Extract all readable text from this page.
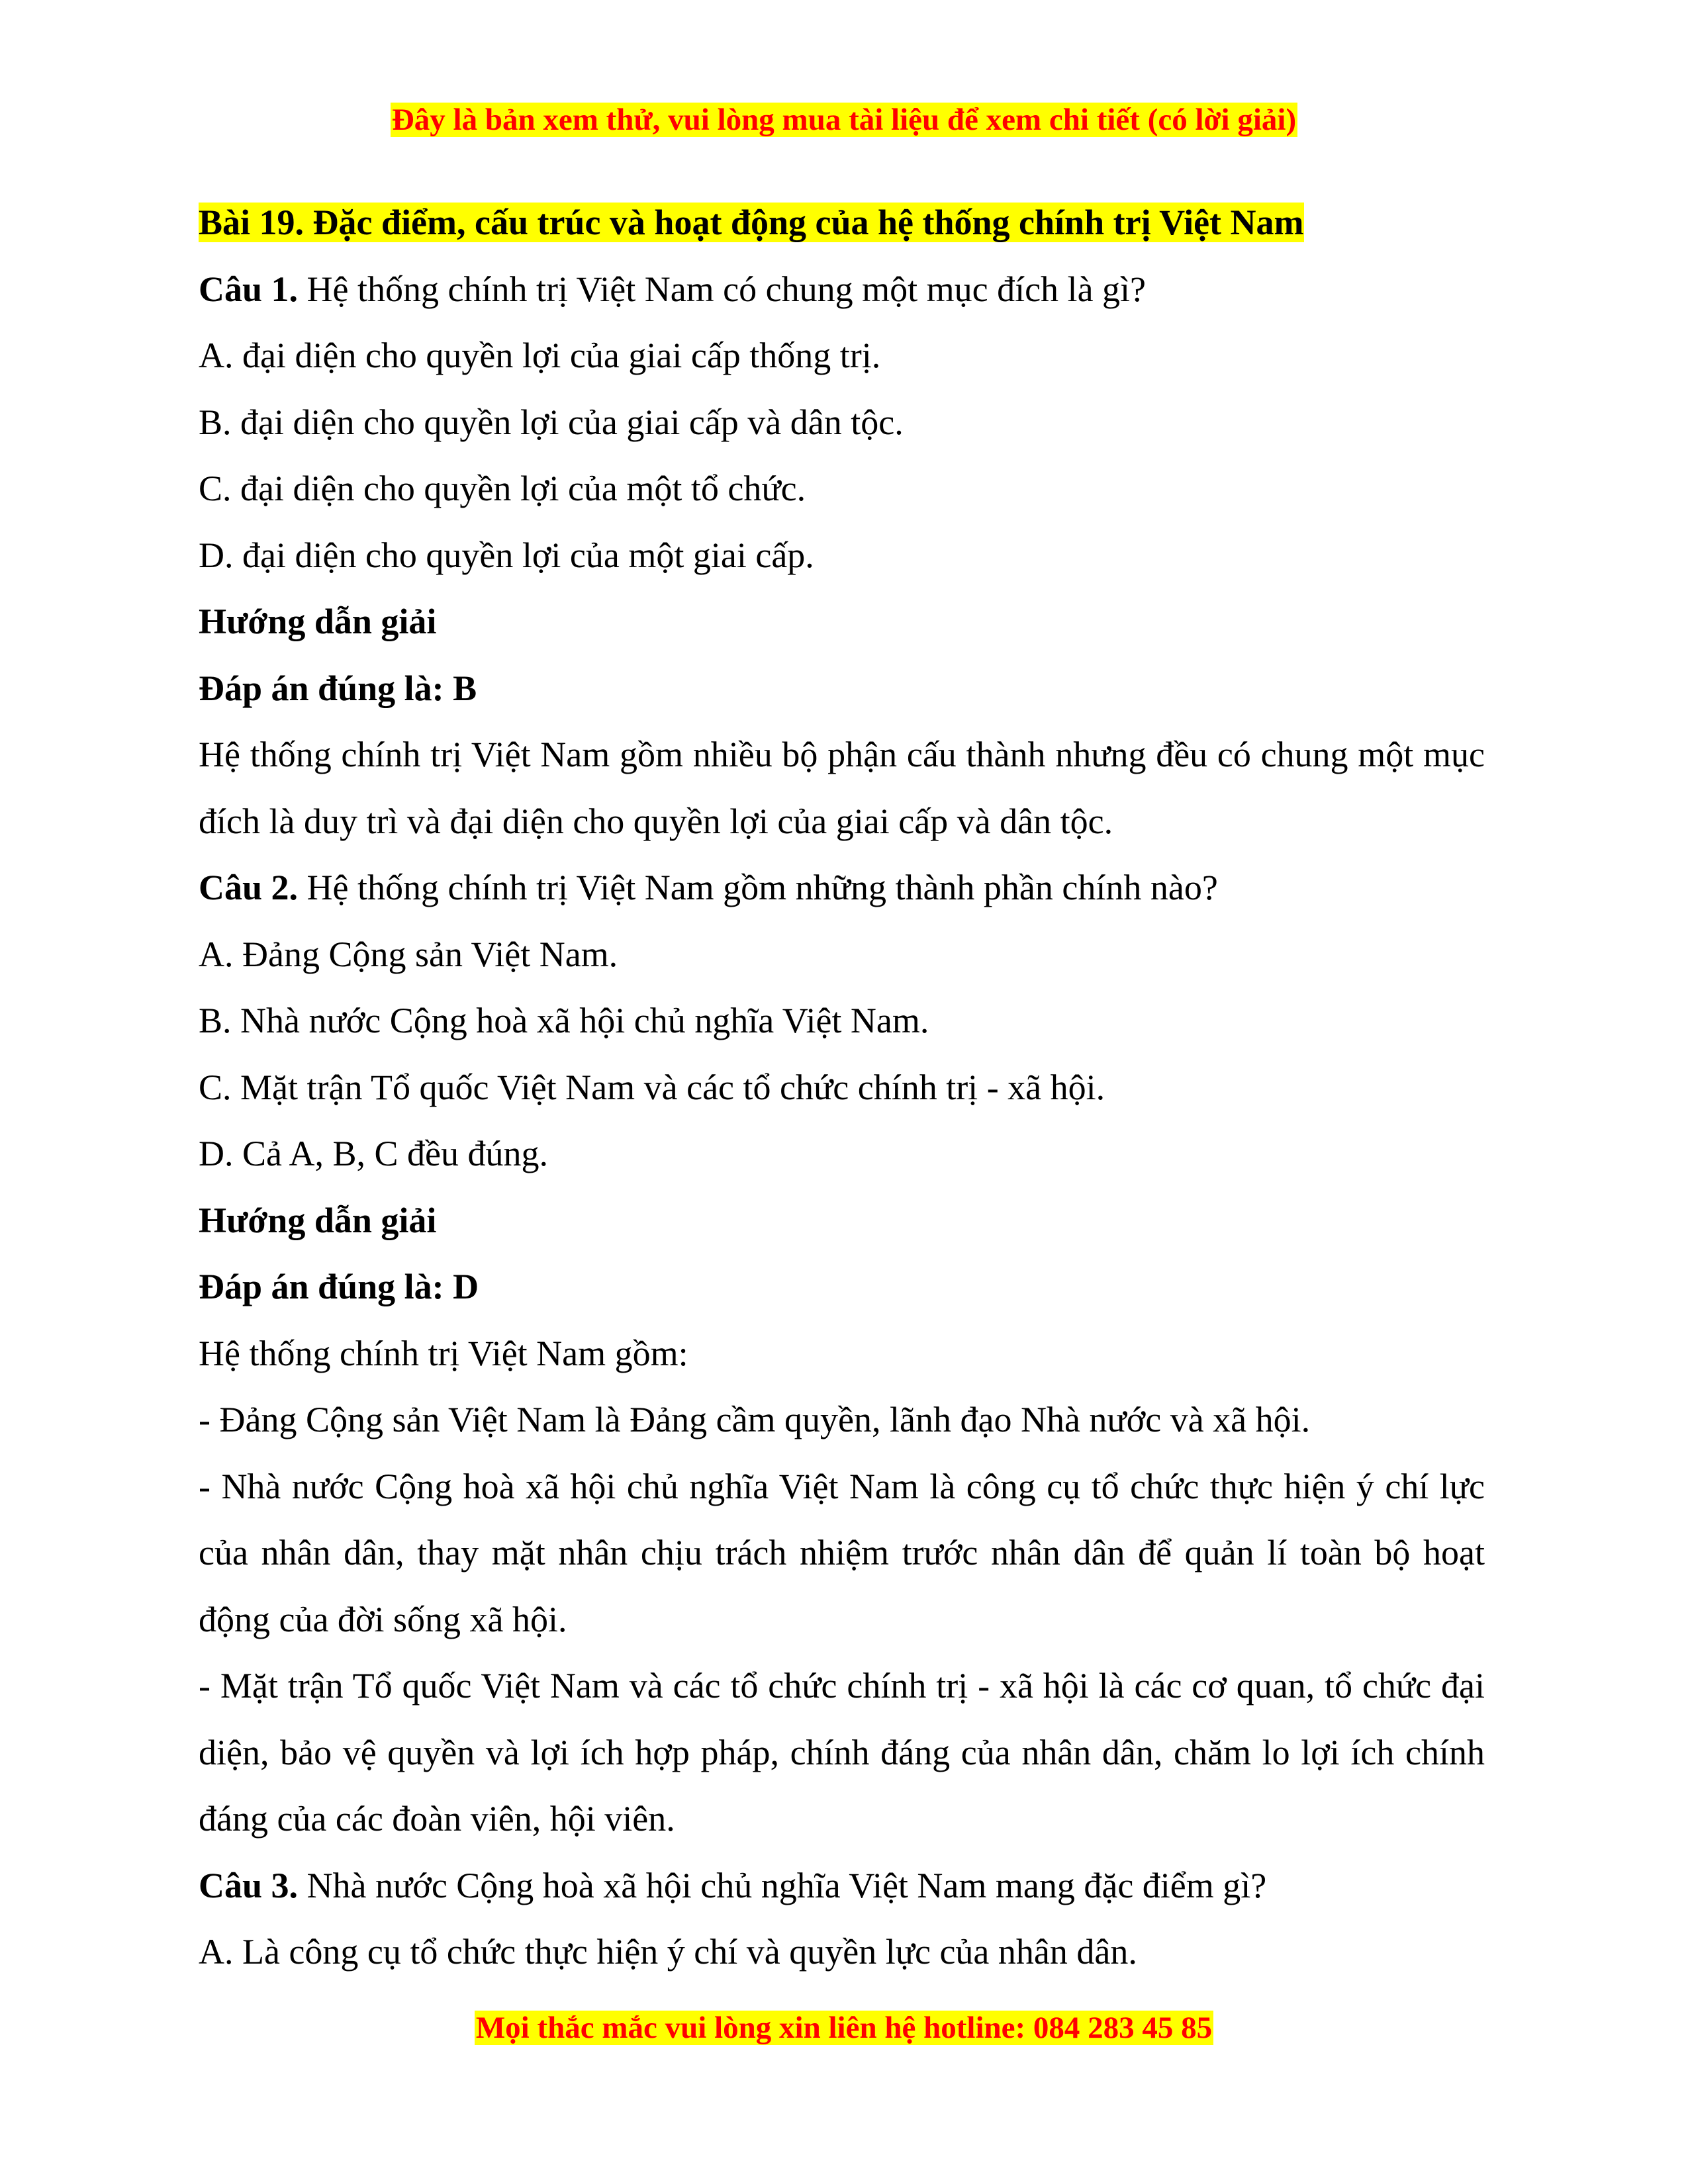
Đây là bản xem thử, vui lòng mua tài liệu để xem chi tiết (có lời giải)

Bài 19. Đặc điểm, cấu trúc và hoạt động của hệ thống chính trị Việt Nam

Câu 1. Hệ thống chính trị Việt Nam có chung một mục đích là gì?

A. đại diện cho quyền lợi của giai cấp thống trị.

B. đại diện cho quyền lợi của giai cấp và dân tộc.

C. đại diện cho quyền lợi của một tổ chức.

D. đại diện cho quyền lợi của một giai cấp.

Hướng dẫn giải

Đáp án đúng là: B

Hệ thống chính trị Việt Nam gồm nhiều bộ phận cấu thành nhưng đều có chung một mục đích là duy trì và đại diện cho quyền lợi của giai cấp và dân tộc.

Câu 2. Hệ thống chính trị Việt Nam gồm những thành phần chính nào?

A. Đảng Cộng sản Việt Nam.

B. Nhà nước Cộng hoà xã hội chủ nghĩa Việt Nam.

C. Mặt trận Tổ quốc Việt Nam và các tổ chức chính trị - xã hội.

D. Cả A, B, C đều đúng.

Hướng dẫn giải

Đáp án đúng là: D

Hệ thống chính trị Việt Nam gồm:

- Đảng Cộng sản Việt Nam là Đảng cầm quyền, lãnh đạo Nhà nước và xã hội.

- Nhà nước Cộng hoà xã hội chủ nghĩa Việt Nam là công cụ tổ chức thực hiện ý chí lực của nhân dân, thay mặt nhân chịu trách nhiệm trước nhân dân để quản lí toàn bộ hoạt động của đời sống xã hội.

- Mặt trận Tổ quốc Việt Nam và các tổ chức chính trị - xã hội là các cơ quan, tổ chức đại diện, bảo vệ quyền và lợi ích hợp pháp, chính đáng của nhân dân, chăm lo lợi ích chính đáng của các đoàn viên, hội viên.

Câu 3. Nhà nước Cộng hoà xã hội chủ nghĩa Việt Nam mang đặc điểm gì?

A. Là công cụ tổ chức thực hiện ý chí và quyền lực của nhân dân.

Mọi thắc mắc vui lòng xin liên hệ hotline: 084 283 45 85
